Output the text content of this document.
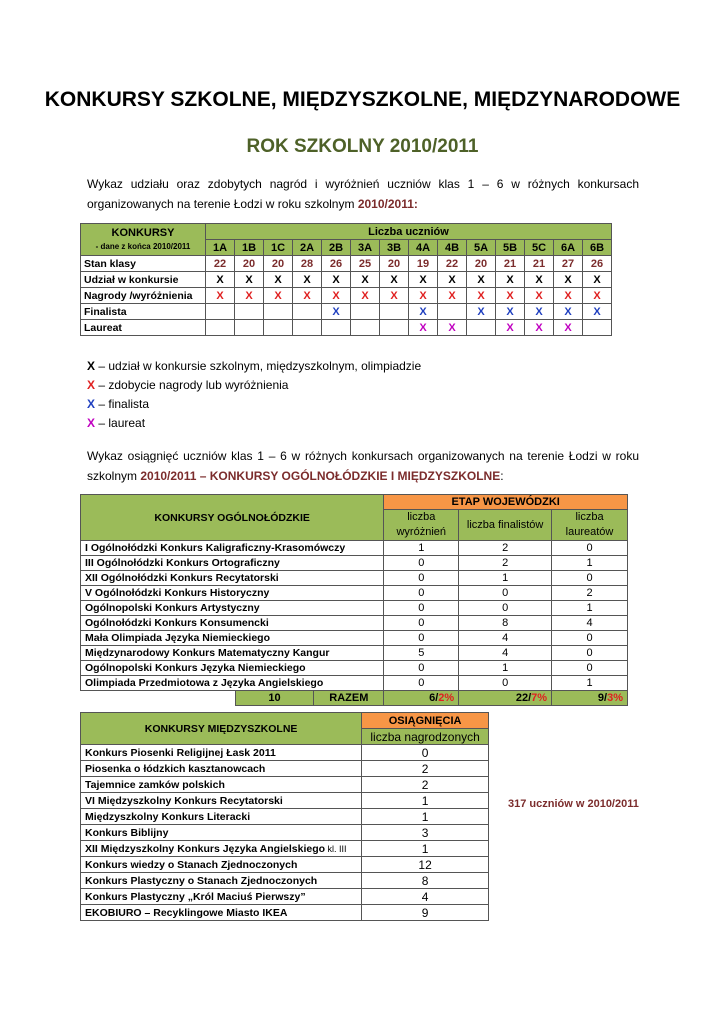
KONKURSY SZKOLNE, MIĘDZYSZKOLNE, MIĘDZYNARODOWE
ROK SZKOLNY 2010/2011
Wykaz udziału oraz zdobytych nagród i wyróżnień uczniów klas 1 – 6 w różnych konkursach organizowanych na terenie Łodzi w roku szkolnym 2010/2011:
KONKURSY
- dane z końca 2010/2011	Liczba uczniów													
	1A	1B	1C	2A	2B	3A	3B	4A	4B	5A	5B	5C	6A	6B
Stan klasy	22	20	20	28	26	25	20	19	22	20	21	21	27	26
Udział w konkursie	X	X	X	X	X	X	X	X	X	X	X	X	X	X
Nagrody /wyróżnienia	X	X	X	X	X	X	X	X	X	X	X	X	X	X
Finalista					X			X		X	X	X	X	X
Laureat								X	X		X	X	X	
X – udział w konkursie szkolnym, międzyszkolnym, olimpiadzie
X – zdobycie nagrody lub wyróżnienia
X – finalista
X – laureat
Wykaz osiągnięć uczniów klas 1 – 6 w różnych konkursach organizowanych na terenie Łodzi w roku szkolnym 2010/2011 – KONKURSY OGÓLNOŁÓDZKIE I MIĘDZYSZKOLNE:
KONKURSY OGÓLNOŁÓDZKIE			ETAP WOJEWÓDZKI		
			liczba wyróżnień	liczba finalistów	liczba laureatów
I Ogólnołódzki Konkurs Kaligraficzny-Krasomówczy			1	2	0
III Ogólnołódzki Konkurs Ortograficzny			0	2	1
XII Ogólnołódzki Konkurs Recytatorski			0	1	0
V Ogólnołódzki Konkurs Historyczny			0	0	2
Ogólnopolski Konkurs Artystyczny			0	0	1
Ogólnołódzki Konkurs Konsumencki			0	8	4
Mała Olimpiada Języka Niemieckiego			0	4	0
Międzynarodowy Konkurs Matematyczny Kangur			5	4	0
Ogólnopolski Konkurs Języka Niemieckiego			0	1	0
Olimpiada Przedmiotowa z Języka Angielskiego			0	0	1
	10	RAZEM	6/2%	22/7%	9/3%
KONKURSY MIĘDZYSZKOLNE	OSIĄGNIĘCIA
	liczba nagrodzonych
Konkurs Piosenki Religijnej Łask 2011	0
Piosenka o łódzkich kasztanowcach	2
Tajemnice zamków polskich	2
VI Międzyszkolny Konkurs Recytatorski	1
Międzyszkolny Konkurs Literacki	1
Konkurs Biblijny	3
XII Międzyszkolny Konkurs Języka Angielskiego kl. III	1
Konkurs wiedzy o Stanach Zjednoczonych	12
Konkurs Plastyczny o Stanach Zjednoczonych	8
Konkurs Plastyczny „Król Maciuś Pierwszy”	4
EKOBIURO – Recyklingowe Miasto IKEA	9
317 uczniów w 2010/2011
